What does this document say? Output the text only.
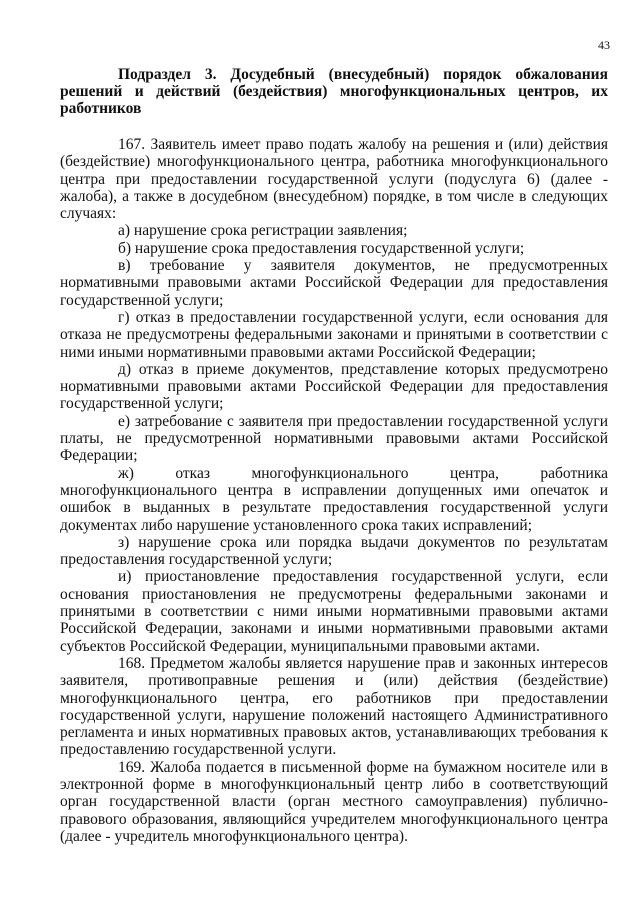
43
Подраздел 3. Досудебный (внесудебный) порядок обжалования решений и действий (бездействия) многофункциональных центров, их работников

167. Заявитель имеет право подать жалобу на решения и (или) действия (бездействие) многофункционального центра, работника многофункционального центра при предоставлении государственной услуги (подуслуга 6) (далее - жалоба), а также в досудебном (внесудебном) порядке, в том числе в следующих случаях:

а) нарушение срока регистрации заявления;

б) нарушение срока предоставления государственной услуги;

в) требование у заявителя документов, не предусмотренных нормативными правовыми актами Российской Федерации для предоставления государственной услуги;

г) отказ в предоставлении государственной услуги, если основания для отказа не предусмотрены федеральными законами и принятыми в соответствии с ними иными нормативными правовыми актами Российской Федерации;

д) отказ в приеме документов, представление которых предусмотрено нормативными правовыми актами Российской Федерации для предоставления государственной услуги;

е) затребование с заявителя при предоставлении государственной услуги платы, не предусмотренной нормативными правовыми актами Российской Федерации;

ж) отказ многофункционального центра, работника многофункционального центра в исправлении допущенных ими опечаток и ошибок в выданных в результате предоставления государственной услуги документах либо нарушение установленного срока таких исправлений;

з) нарушение срока или порядка выдачи документов по результатам предоставления государственной услуги;

и) приостановление предоставления государственной услуги, если основания приостановления не предусмотрены федеральными законами и принятыми в соответствии с ними иными нормативными правовыми актами Российской Федерации, законами и иными нормативными правовыми актами субъектов Российской Федерации, муниципальными правовыми актами.

168. Предметом жалобы является нарушение прав и законных интересов заявителя, противоправные решения и (или) действия (бездействие) многофункционального центра, его работников при предоставлении государственной услуги, нарушение положений настоящего Административного регламента и иных нормативных правовых актов, устанавливающих требования к предоставлению государственной услуги.

169. Жалоба подается в письменной форме на бумажном носителе или в электронной форме в многофункциональный центр либо в соответствующий орган государственной власти (орган местного самоуправления) публично-правового образования, являющийся учредителем многофункционального центра (далее - учредитель многофункционального центра).
